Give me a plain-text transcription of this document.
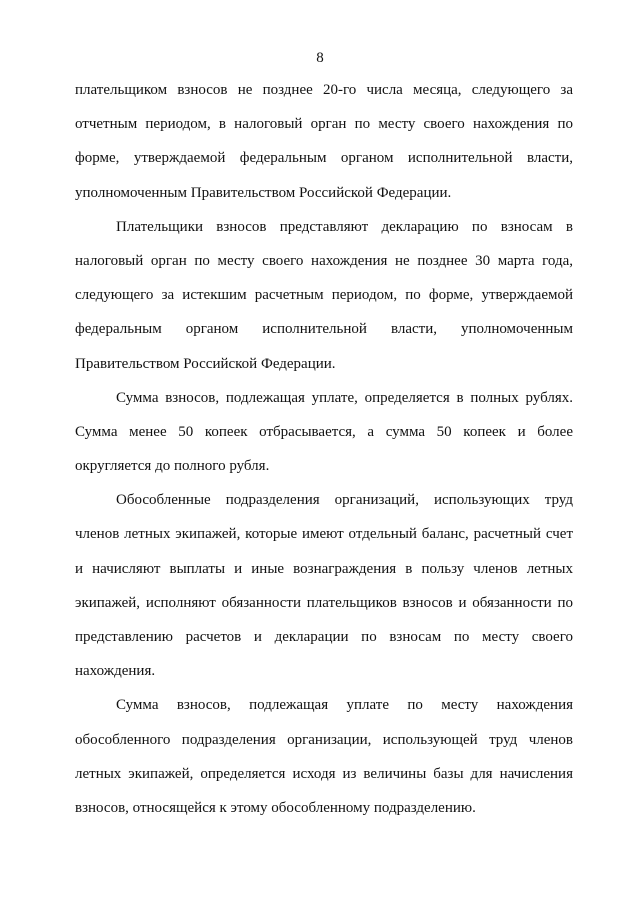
8
плательщиком взносов не позднее 20-го числа месяца, следующего за
отчетным периодом, в налоговый орган по месту своего нахождения по
форме, утверждаемой федеральным органом исполнительной власти,
уполномоченным Правительством Российской Федерации.
Плательщики взносов представляют декларацию по взносам в
налоговый орган по месту своего нахождения не позднее 30 марта года,
следующего за истекшим расчетным периодом, по форме, утверждаемой
федеральным органом исполнительной власти, уполномоченным
Правительством Российской Федерации.
Сумма взносов, подлежащая уплате, определяется в полных рублях.
Сумма менее 50 копеек отбрасывается, а сумма 50 копеек и более
округляется до полного рубля.
Обособленные подразделения организаций, использующих труд
членов летных экипажей, которые имеют отдельный баланс, расчетный счет
и начисляют выплаты и иные вознаграждения в пользу членов летных
экипажей, исполняют обязанности плательщиков взносов и обязанности по
представлению расчетов и декларации по взносам по месту своего
нахождения.
Сумма взносов, подлежащая уплате по месту нахождения
обособленного подразделения организации, использующей труд членов
летных экипажей, определяется исходя из величины базы для начисления
взносов, относящейся к этому обособленному подразделению.
